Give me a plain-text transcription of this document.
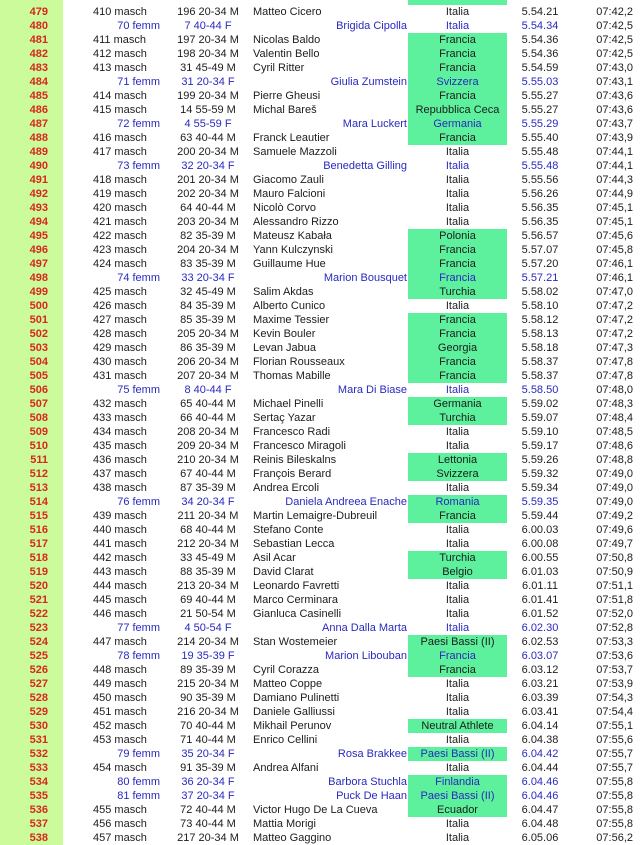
479	410 masch	196 20-34 M	Matteo Cicero	Italia	5.54.21	07:42,2
480	70 femm	7 40-44 F	Brigida Cipolla	Italia	5.54.34	07:42,5
481	411 masch	197 20-34 M	Nicolas Baldo	Francia	5.54.36	07:42,5
482	412 masch	198 20-34 M	Valentin Bello	Francia	5.54.36	07:42,5
483	413 masch	31 45-49 M	Cyril Ritter	Francia	5.54.59	07:43,0
484	71 femm	31 20-34 F	Giulia Zumstein	Svizzera	5.55.03	07:43,1
485	414 masch	199 20-34 M	Pierre Gheusi	Francia	5.55.27	07:43,6
486	415 masch	14 55-59 M	Michal Bareš	Repubblica Ceca	5.55.27	07:43,6
487	72 femm	4 55-59 F	Mara Luckert	Germania	5.55.29	07:43,7
488	416 masch	63 40-44 M	Franck Leautier	Francia	5.55.40	07:43,9
489	417 masch	200 20-34 M	Samuele Mazzoli	Italia	5.55.48	07:44,1
490	73 femm	32 20-34 F	Benedetta Gilling	Italia	5.55.48	07:44,1
491	418 masch	201 20-34 M	Giacomo Zauli	Italia	5.55.56	07:44,3
492	419 masch	202 20-34 M	Mauro Falcioni	Italia	5.56.26	07:44,9
493	420 masch	64 40-44 M	Nicolò Corvo	Italia	5.56.35	07:45,1
494	421 masch	203 20-34 M	Alessandro Rizzo	Italia	5.56.35	07:45,1
495	422 masch	82 35-39 M	Mateusz Kabała	Polonia	5.56.57	07:45,6
496	423 masch	204 20-34 M	Yann Kulczynski	Francia	5.57.07	07:45,8
497	424 masch	83 35-39 M	Guillaume Hue	Francia	5.57.20	07:46,1
498	74 femm	33 20-34 F	Marion Bousquet	Francia	5.57.21	07:46,1
499	425 masch	32 45-49 M	Salim Akdas	Turchia	5.58.02	07:47,0
500	426 masch	84 35-39 M	Alberto Cunico	Italia	5.58.10	07:47,2
501	427 masch	85 35-39 M	Maxime Tessier	Francia	5.58.12	07:47,2
502	428 masch	205 20-34 M	Kevin Bouler	Francia	5.58.13	07:47,2
503	429 masch	86 35-39 M	Levan Jabua	Georgia	5.58.18	07:47,3
504	430 masch	206 20-34 M	Florian Rousseaux	Francia	5.58.37	07:47,8
505	431 masch	207 20-34 M	Thomas Mabille	Francia	5.58.37	07:47,8
506	75 femm	8 40-44 F	Mara Di Biase	Italia	5.58.50	07:48,0
507	432 masch	65 40-44 M	Michael Pinelli	Germania	5.59.02	07:48,3
508	433 masch	66 40-44 M	Sertaç Yazar	Turchia	5.59.07	07:48,4
509	434 masch	208 20-34 M	Francesco Radi	Italia	5.59.10	07:48,5
510	435 masch	209 20-34 M	Francesco Miragoli	Italia	5.59.17	07:48,6
511	436 masch	210 20-34 M	Reinis Bileskalns	Lettonia	5.59.26	07:48,8
512	437 masch	67 40-44 M	François Berard	Svizzera	5.59.32	07:49,0
513	438 masch	87 35-39 M	Andrea Ercoli	Italia	5.59.34	07:49,0
514	76 femm	34 20-34 F	Daniela Andreea Enache	Romania	5.59.35	07:49,0
515	439 masch	211 20-34 M	Martin Lemaigre-Dubreuil	Francia	5.59.44	07:49,2
516	440 masch	68 40-44 M	Stefano Conte	Italia	6.00.03	07:49,6
517	441 masch	212 20-34 M	Sebastian Lecca	Italia	6.00.08	07:49,7
518	442 masch	33 45-49 M	Asil Acar	Turchia	6.00.55	07:50,8
519	443 masch	88 35-39 M	David Clarat	Belgio	6.01.03	07:50,9
520	444 masch	213 20-34 M	Leonardo Favretti	Italia	6.01.11	07:51,1
521	445 masch	69 40-44 M	Marco Cerminara	Italia	6.01.41	07:51,8
522	446 masch	21 50-54 M	Gianluca Casinelli	Italia	6.01.52	07:52,0
523	77 femm	4 50-54 F	Anna Dalla Marta	Italia	6.02.30	07:52,8
524	447 masch	214 20-34 M	Stan Wostemeier	Paesi Bassi (II)	6.02.53	07:53,3
525	78 femm	19 35-39 F	Marion Libouban	Francia	6.03.07	07:53,6
526	448 masch	89 35-39 M	Cyril Corazza	Francia	6.03.12	07:53,7
527	449 masch	215 20-34 M	Matteo Coppe	Italia	6.03.21	07:53,9
528	450 masch	90 35-39 M	Damiano Pulinetti	Italia	6.03.39	07:54,3
529	451 masch	216 20-34 M	Daniele Galliussi	Italia	6.03.41	07:54,4
530	452 masch	70 40-44 M	Mikhail Perunov	Neutral Athlete	6.04.14	07:55,1
531	453 masch	71 40-44 M	Enrico Cellini	Italia	6.04.38	07:55,6
532	79 femm	35 20-34 F	Rosa Brakkee	Paesi Bassi (II)	6.04.42	07:55,7
533	454 masch	91 35-39 M	Andrea Alfani	Italia	6.04.44	07:55,7
534	80 femm	36 20-34 F	Barbora Stuchla	Finlandia	6.04.46	07:55,8
535	81 femm	37 20-34 F	Puck De Haan	Paesi Bassi (II)	6.04.46	07:55,8
536	455 masch	72 40-44 M	Victor Hugo De La Cueva	Ecuador	6.04.47	07:55,8
537	456 masch	73 40-44 M	Mattia Morigi	Italia	6.04.48	07:55,8
538	457 masch	217 20-34 M	Matteo Gaggino	Italia	6.05.06	07:56,2
